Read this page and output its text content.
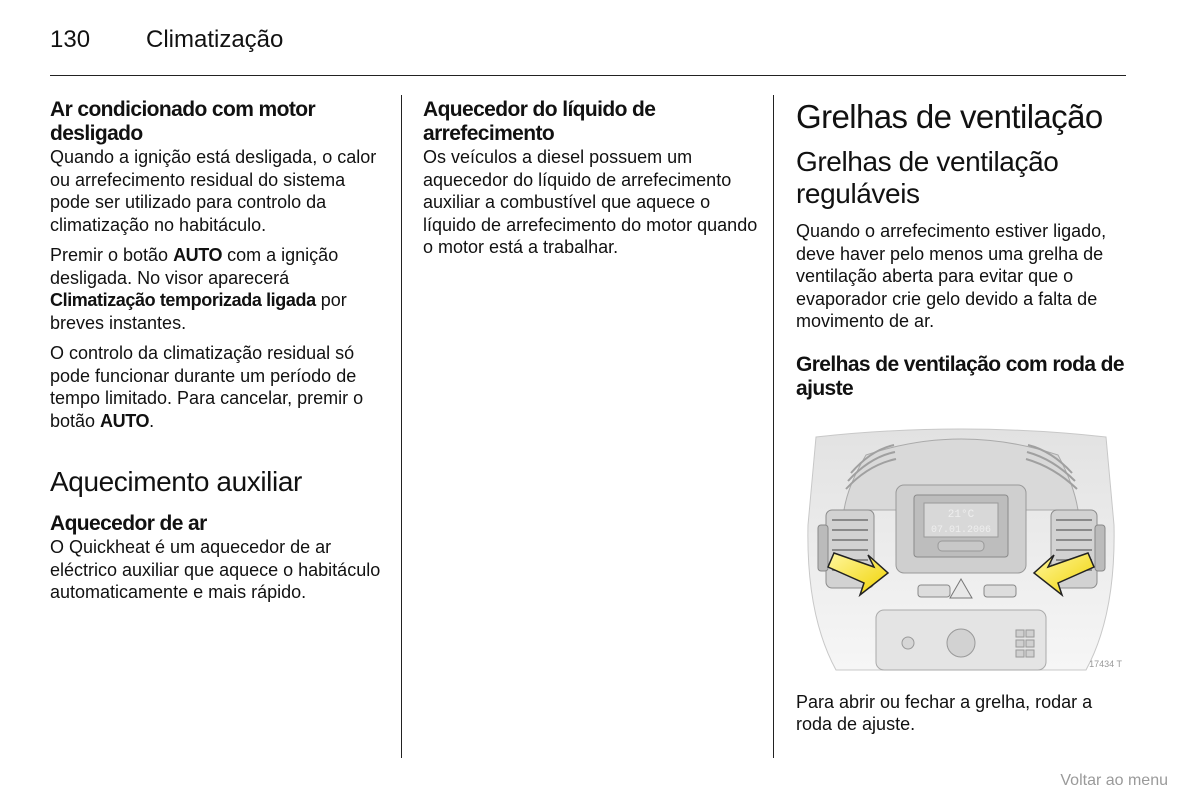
130 Climatização
Ar condicionado com motor desligado

Quando a ignição está desligada, o calor ou arrefecimento residual do sistema pode ser utilizado para controlo da climatização no habitáculo.

Premir o botão AUTO com a ignição desligada. No visor aparecerá Climatização temporizada ligada por breves instantes.

O controlo da climatização residual só pode funcionar durante um período de tempo limitado. Para cancelar, premir o botão AUTO.

Aquecimento auxiliar
Aquecedor de ar

O Quickheat é um aquecedor de ar eléctrico auxiliar que aquece o habitáculo automaticamente e mais rápido.

Aquecedor do líquido de arrefecimento

Os veículos a diesel possuem um aquecedor do líquido de arrefecimento auxiliar a combustível que aquece o líquido de arrefecimento do motor quando o motor está a trabalhar.

Grelhas de ventilação
Grelhas de ventilação reguláveis

Quando o arrefecimento estiver ligado, deve haver pelo menos uma grelha de ventilação aberta para evitar que o evaporador crie gelo devido a falta de movimento de ar.

Grelhas de ventilação com roda de ajuste
21°C
07.01.2006
17434 T

Para abrir ou fechar a grelha, rodar a roda de ajuste.

Voltar ao menu
